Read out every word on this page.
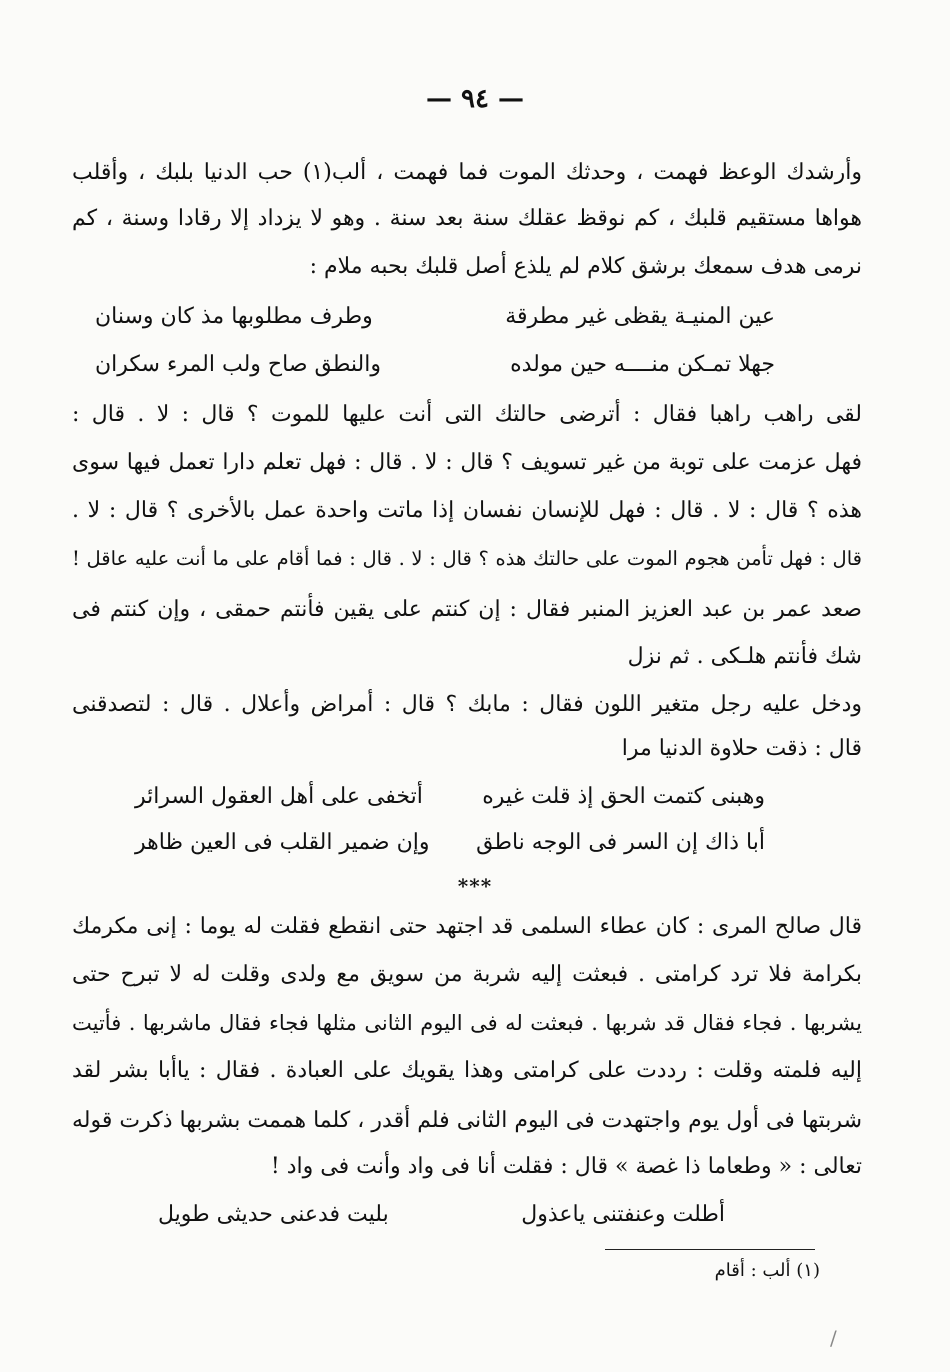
— ٩٤ —
وأرشدك الوعظ فهمت ، وحدثك الموت فما فهمت ، ألب(١) حب الدنيا بلبك ، وأقلب
هواها مستقيم قلبك ، كم نوقظ عقلك سنة بعد سنة . وهو لا يزداد إلا رقادا وسنة ، كم
نرمى هدف سمعك برشق كلام لم يلذع أصل قلبك بحبه ملام :
عين المنيـة يقظى غير مطرقة
وطرف مطلوبها مذ كان وسنان
جهلا تمـكن منــــه حين مولده
والنطق صاح ولب المرء سكران
لقى راهب راهبا فقال : أترضى حالتك التى أنت عليها للموت ؟ قال : لا . قال :
فهل عزمت على توبة من غير تسويف ؟ قال : لا . قال : فهل تعلم دارا تعمل فيها سوى
هذه ؟ قال : لا . قال : فهل للإنسان نفسان إذا ماتت واحدة عمل بالأخرى ؟ قال : لا .
قال : فهل تأمن هجوم الموت على حالتك هذه ؟ قال : لا . قال : فما أقام على ما أنت عليه عاقل !
صعد عمر بن عبد العزيز المنبر فقال : إن كنتم على يقين فأنتم حمقى ، وإن كنتم فى
شك فأنتم هلـكى . ثم نزل
ودخل عليه رجل متغير اللون فقال : مابك ؟ قال : أمراض وأعلال . قال : لتصدقنى
قال : ذقت حلاوة الدنيا مرا
وهبنى كتمت الحق إذ قلت غيره
أتخفى على أهل العقول السرائر
أبا ذاك إن السر فى الوجه ناطق
وإن ضمير القلب فى العين ظاهر
***
قال صالح المرى : كان عطاء السلمى قد اجتهد حتى انقطع فقلت له يوما : إنى مكرمك
بكرامة فلا ترد كرامتى . فبعثت إليه شربة من سويق مع ولدى وقلت له لا تبرح حتى
يشربها . فجاء فقال قد شربها . فبعثت له فى اليوم الثانى مثلها فجاء فقال ماشربها . فأتيت
إليه فلمته وقلت : رددت على كرامتى وهذا يقويك على العبادة . فقال : ياأبا بشر لقد
شربتها فى أول يوم واجتهدت فى اليوم الثانى فلم أقدر ، كلما هممت بشربها ذكرت قوله
تعالى : « وطعاما ذا غصة » قال : فقلت أنا فى واد وأنت فى واد !
أطلت وعنفتنى ياعذول
بليت فدعنى حديثى طويل
(١) ألب : أقام
/
